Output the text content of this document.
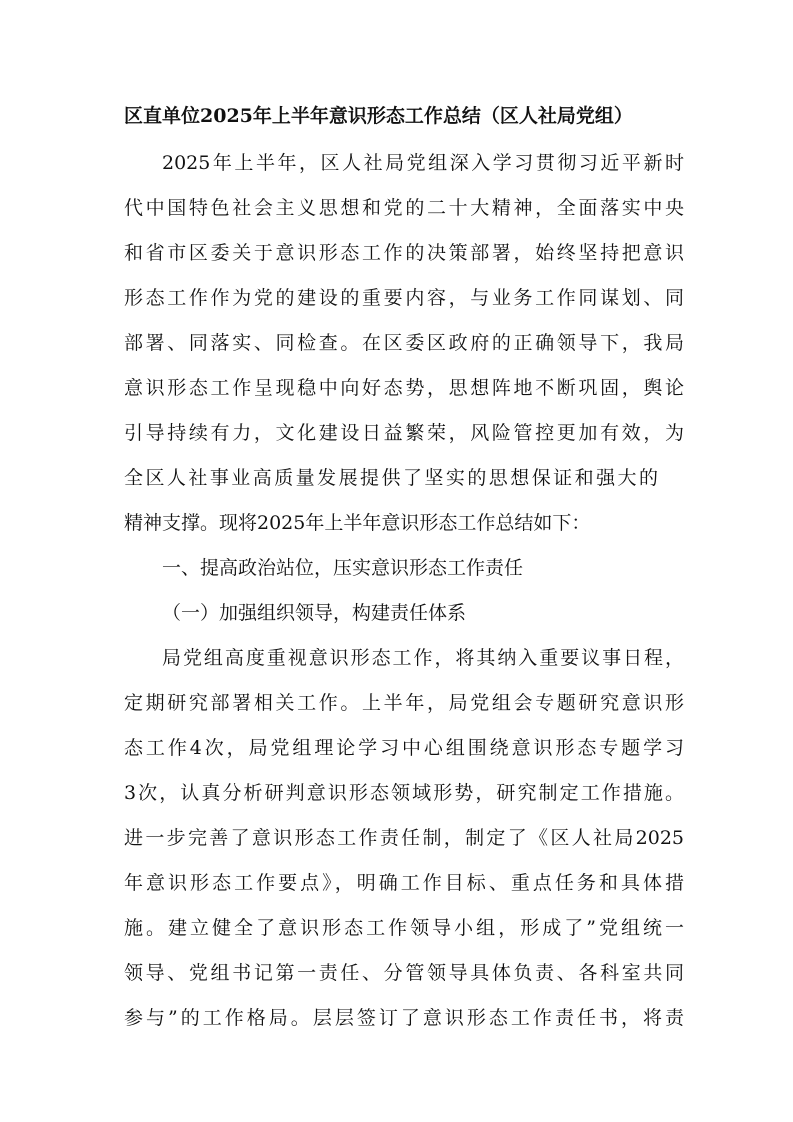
区直单位2025年上半年意识形态工作总结（区人社局党组）
2025年上半年，区人社局党组深入学习贯彻习近平新时
代中国特色社会主义思想和党的二十大精神，全面落实中央
和省市区委关于意识形态工作的决策部署，始终坚持把意识
形态工作作为党的建设的重要内容，与业务工作同谋划、同
部署、同落实、同检查。在区委区政府的正确领导下，我局
意识形态工作呈现稳中向好态势，思想阵地不断巩固，舆论
引导持续有力，文化建设日益繁荣，风险管控更加有效，为
全区人社事业高质量发展提供了坚实的思想保证和强大的
精神支撑。现将2025年上半年意识形态工作总结如下：
一、提高政治站位，压实意识形态工作责任
（一）加强组织领导，构建责任体系
局党组高度重视意识形态工作，将其纳入重要议事日程，
定期研究部署相关工作。上半年，局党组会专题研究意识形
态工作4次，局党组理论学习中心组围绕意识形态专题学习
3次，认真分析研判意识形态领域形势，研究制定工作措施。
进一步完善了意识形态工作责任制，制定了《区人社局2025
年意识形态工作要点》，明确工作目标、重点任务和具体措
施。建立健全了意识形态工作领导小组，形成了”党组统一
领导、党组书记第一责任、分管领导具体负责、各科室共同
参与”的工作格局。层层签订了意识形态工作责任书，将责
